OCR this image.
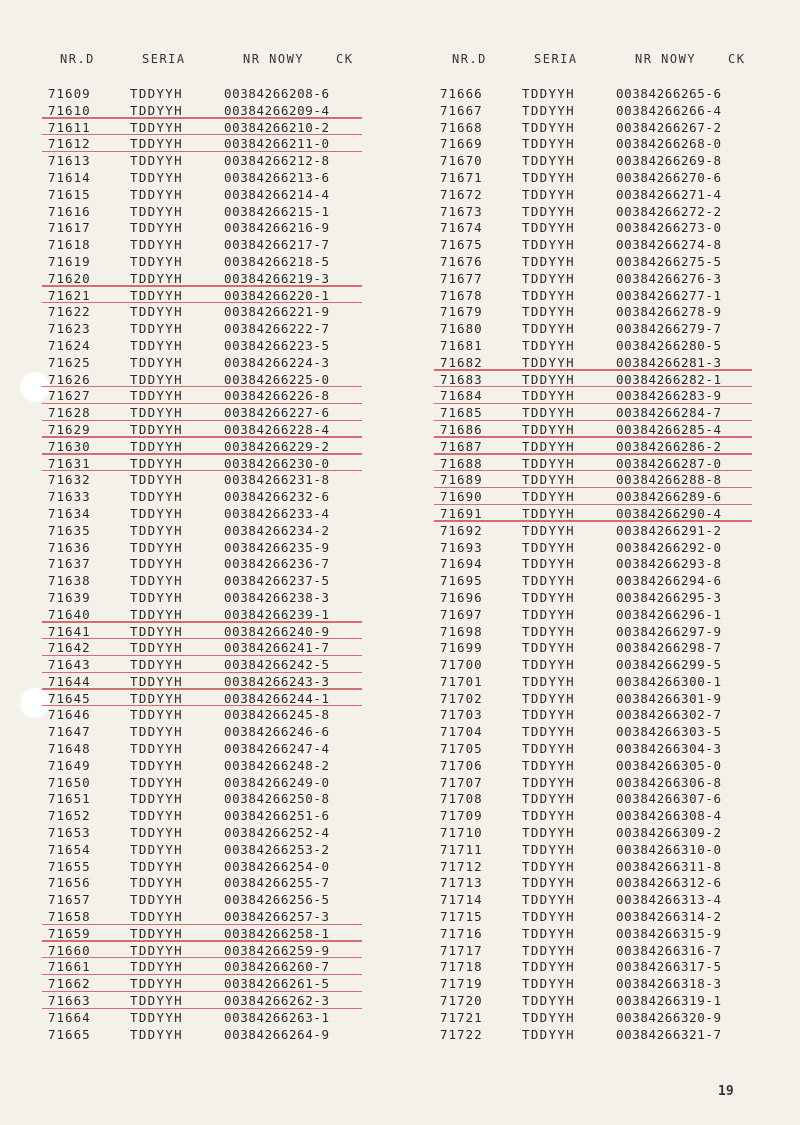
NR.D	SERIA	NR NOWY	CK
71609	TDDYYH	00384266208-6
71610	TDDYYH	00384266209-4
71611	TDDYYH	00384266210-2
71612	TDDYYH	00384266211-0
71613	TDDYYH	00384266212-8
71614	TDDYYH	00384266213-6
71615	TDDYYH	00384266214-4
71616	TDDYYH	00384266215-1
71617	TDDYYH	00384266216-9
71618	TDDYYH	00384266217-7
71619	TDDYYH	00384266218-5
71620	TDDYYH	00384266219-3
71621	TDDYYH	00384266220-1
71622	TDDYYH	00384266221-9
71623	TDDYYH	00384266222-7
71624	TDDYYH	00384266223-5
71625	TDDYYH	00384266224-3
71626	TDDYYH	00384266225-0
71627	TDDYYH	00384266226-8
71628	TDDYYH	00384266227-6
71629	TDDYYH	00384266228-4
71630	TDDYYH	00384266229-2
71631	TDDYYH	00384266230-0
71632	TDDYYH	00384266231-8
71633	TDDYYH	00384266232-6
71634	TDDYYH	00384266233-4
71635	TDDYYH	00384266234-2
71636	TDDYYH	00384266235-9
71637	TDDYYH	00384266236-7
71638	TDDYYH	00384266237-5
71639	TDDYYH	00384266238-3
71640	TDDYYH	00384266239-1
71641	TDDYYH	00384266240-9
71642	TDDYYH	00384266241-7
71643	TDDYYH	00384266242-5
71644	TDDYYH	00384266243-3
71645	TDDYYH	00384266244-1
71646	TDDYYH	00384266245-8
71647	TDDYYH	00384266246-6
71648	TDDYYH	00384266247-4
71649	TDDYYH	00384266248-2
71650	TDDYYH	00384266249-0
71651	TDDYYH	00384266250-8
71652	TDDYYH	00384266251-6
71653	TDDYYH	00384266252-4
71654	TDDYYH	00384266253-2
71655	TDDYYH	00384266254-0
71656	TDDYYH	00384266255-7
71657	TDDYYH	00384266256-5
71658	TDDYYH	00384266257-3
71659	TDDYYH	00384266258-1
71660	TDDYYH	00384266259-9
71661	TDDYYH	00384266260-7
71662	TDDYYH	00384266261-5
71663	TDDYYH	00384266262-3
71664	TDDYYH	00384266263-1
71665	TDDYYH	00384266264-9
NR.D	SERIA	NR NOWY	CK
71666	TDDYYH	00384266265-6
71667	TDDYYH	00384266266-4
71668	TDDYYH	00384266267-2
71669	TDDYYH	00384266268-0
71670	TDDYYH	00384266269-8
71671	TDDYYH	00384266270-6
71672	TDDYYH	00384266271-4
71673	TDDYYH	00384266272-2
71674	TDDYYH	00384266273-0
71675	TDDYYH	00384266274-8
71676	TDDYYH	00384266275-5
71677	TDDYYH	00384266276-3
71678	TDDYYH	00384266277-1
71679	TDDYYH	00384266278-9
71680	TDDYYH	00384266279-7
71681	TDDYYH	00384266280-5
71682	TDDYYH	00384266281-3
71683	TDDYYH	00384266282-1
71684	TDDYYH	00384266283-9
71685	TDDYYH	00384266284-7
71686	TDDYYH	00384266285-4
71687	TDDYYH	00384266286-2
71688	TDDYYH	00384266287-0
71689	TDDYYH	00384266288-8
71690	TDDYYH	00384266289-6
71691	TDDYYH	00384266290-4
71692	TDDYYH	00384266291-2
71693	TDDYYH	00384266292-0
71694	TDDYYH	00384266293-8
71695	TDDYYH	00384266294-6
71696	TDDYYH	00384266295-3
71697	TDDYYH	00384266296-1
71698	TDDYYH	00384266297-9
71699	TDDYYH	00384266298-7
71700	TDDYYH	00384266299-5
71701	TDDYYH	00384266300-1
71702	TDDYYH	00384266301-9
71703	TDDYYH	00384266302-7
71704	TDDYYH	00384266303-5
71705	TDDYYH	00384266304-3
71706	TDDYYH	00384266305-0
71707	TDDYYH	00384266306-8
71708	TDDYYH	00384266307-6
71709	TDDYYH	00384266308-4
71710	TDDYYH	00384266309-2
71711	TDDYYH	00384266310-0
71712	TDDYYH	00384266311-8
71713	TDDYYH	00384266312-6
71714	TDDYYH	00384266313-4
71715	TDDYYH	00384266314-2
71716	TDDYYH	00384266315-9
71717	TDDYYH	00384266316-7
71718	TDDYYH	00384266317-5
71719	TDDYYH	00384266318-3
71720	TDDYYH	00384266319-1
71721	TDDYYH	00384266320-9
71722	TDDYYH	00384266321-7
19
